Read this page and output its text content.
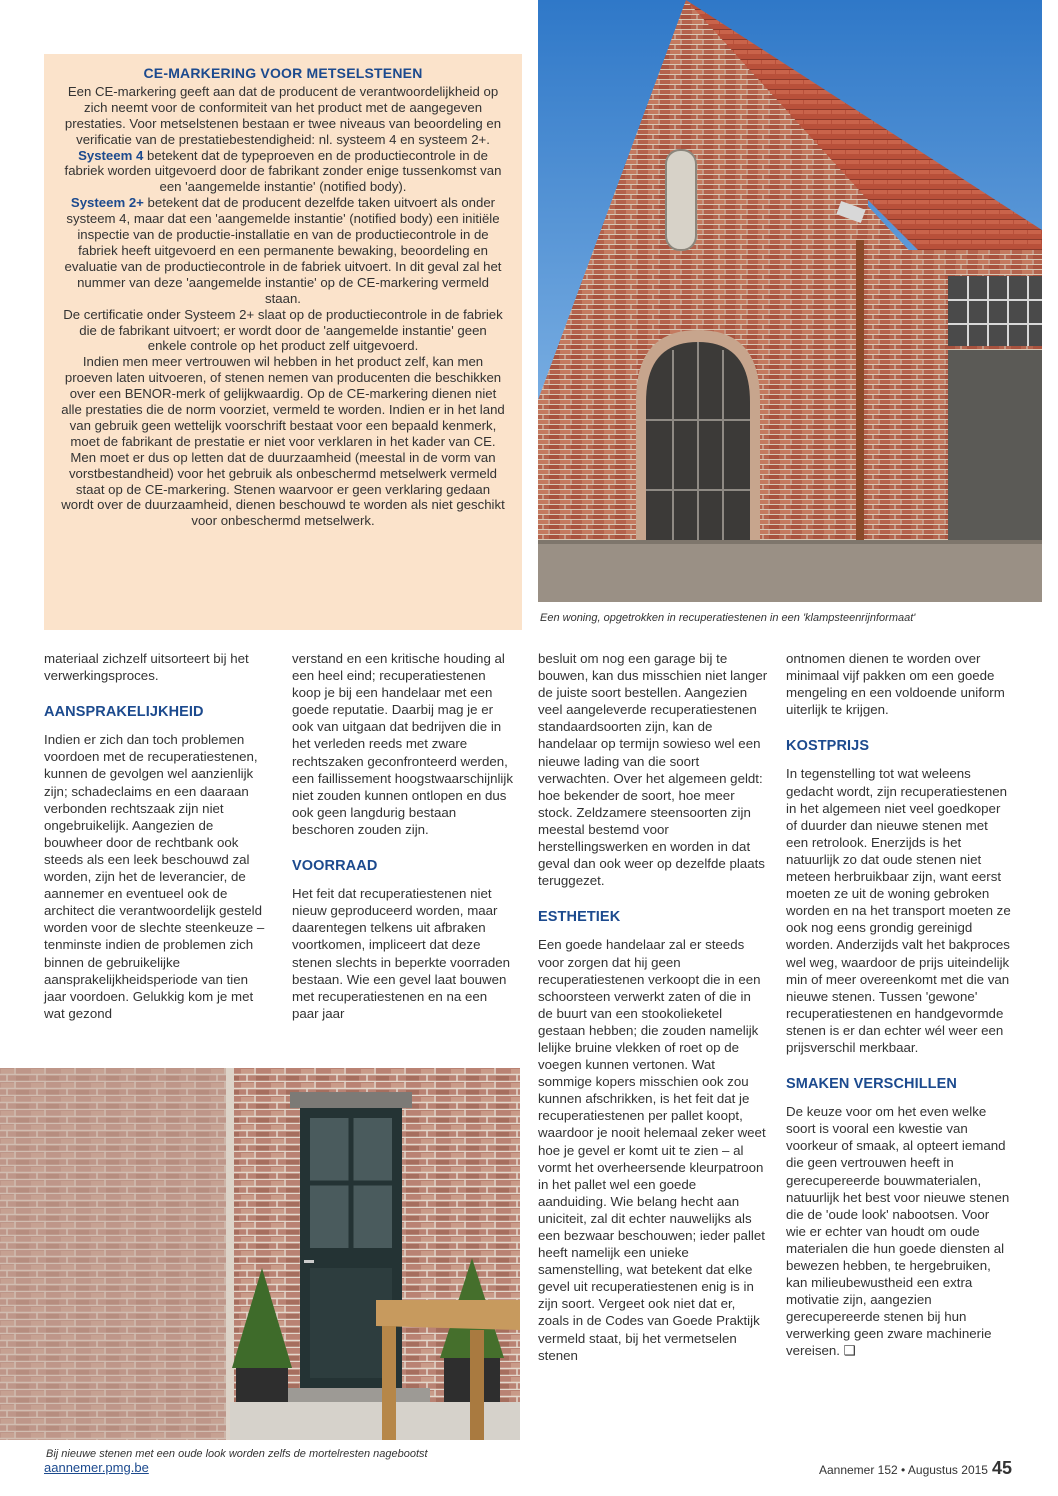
CE-MARKERING VOOR METSELSTENEN

Een CE-markering geeft aan dat de producent de verantwoordelijkheid op zich neemt voor de conformiteit van het product met de aangegeven prestaties. Voor metselstenen bestaan er twee niveaus van beoordeling en verificatie van de prestatiebestendigheid: nl. systeem 4 en systeem 2+.

Systeem 4 betekent dat de typeproeven en de productiecontrole in de fabriek worden uitgevoerd door de fabrikant zonder enige tussenkomst van een 'aangemelde instantie' (notified body).

Systeem 2+ betekent dat de producent dezelfde taken uitvoert als onder systeem 4, maar dat een 'aangemelde instantie' (notified body) een initiële inspectie van de productie-installatie en van de productiecontrole in de fabriek heeft uitgevoerd en een permanente bewaking, beoordeling en evaluatie van de productiecontrole in de fabriek uitvoert. In dit geval zal het nummer van deze 'aangemelde instantie' op de CE-markering vermeld staan.

De certificatie onder Systeem 2+ slaat op de productiecontrole in de fabriek die de fabrikant uitvoert; er wordt door de 'aangemelde instantie' geen enkele controle op het product zelf uitgevoerd.

Indien men meer vertrouwen wil hebben in het product zelf, kan men proeven laten uitvoeren, of stenen nemen van producenten die beschikken over een BENOR-merk of gelijkwaardig. Op de CE-markering dienen niet alle prestaties die de norm voorziet, vermeld te worden. Indien er in het land van gebruik geen wettelijk voorschrift bestaat voor een bepaald kenmerk, moet de fabrikant de prestatie er niet voor verklaren in het kader van CE. Men moet er dus op letten dat de duurzaamheid (meestal in de vorm van vorstbestandheid) voor het gebruik als onbeschermd metselwerk vermeld staat op de CE-markering. Stenen waarvoor er geen verklaring gedaan wordt over de duurzaamheid, dienen beschouwd te worden als niet geschikt voor onbeschermd metselwerk.

Een woning, opgetrokken in recuperatiestenen in een 'klampsteenrijnformaat'
Bij nieuwe stenen met een oude look worden zelfs de mortelresten nagebootst

materiaal zichzelf uitsorteert bij het verwerkingsproces.

AANSPRAKELIJKHEID

Indien er zich dan toch problemen voordoen met de recuperatiestenen, kunnen de gevolgen wel aanzienlijk zijn; schadeclaims en een daaraan verbonden rechtszaak zijn niet ongebruikelijk. Aangezien de bouwheer door de rechtbank ook steeds als een leek beschouwd zal worden, zijn het de leverancier, de aannemer en eventueel ook de architect die verantwoordelijk gesteld worden voor de slechte steenkeuze – tenminste indien de problemen zich binnen de gebruikelijke aansprakelijkheidsperiode van tien jaar voordoen. Gelukkig kom je met wat gezond

verstand en een kritische houding al een heel eind; recuperatiestenen koop je bij een handelaar met een goede reputatie. Daarbij mag je er ook van uitgaan dat bedrijven die in het verleden reeds met zware rechtszaken geconfronteerd werden, een faillissement hoogstwaarschijnlijk niet zouden kunnen ontlopen en dus ook geen langdurig bestaan beschoren zouden zijn.

VOORRAAD

Het feit dat recuperatiestenen niet nieuw geproduceerd worden, maar daarentegen telkens uit afbraken voortkomen, impliceert dat deze stenen slechts in beperkte voorraden bestaan. Wie een gevel laat bouwen met recuperatiestenen en na een paar jaar

besluit om nog een garage bij te bouwen, kan dus misschien niet langer de juiste soort bestellen. Aangezien veel aangeleverde recuperatiestenen standaardsoorten zijn, kan de handelaar op termijn sowieso wel een nieuwe lading van die soort verwachten. Over het algemeen geldt: hoe bekender de soort, hoe meer stock. Zeldzamere steensoorten zijn meestal bestemd voor herstellingswerken en worden in dat geval dan ook weer op dezelfde plaats teruggezet.

ESTHETIEK

Een goede handelaar zal er steeds voor zorgen dat hij geen recuperatiestenen verkoopt die in een schoorsteen verwerkt zaten of die in de buurt van een stookolieketel gestaan hebben; die zouden namelijk lelijke bruine vlekken of roet op de voegen kunnen vertonen. Wat sommige kopers misschien ook zou kunnen afschrikken, is het feit dat je recuperatiestenen per pallet koopt, waardoor je nooit helemaal zeker weet hoe je gevel er komt uit te zien – al vormt het overheersende kleurpatroon in het pallet wel een goede aanduiding. Wie belang hecht aan uniciteit, zal dit echter nauwelijks als een bezwaar beschouwen; ieder pallet heeft namelijk een unieke samenstelling, wat betekent dat elke gevel uit recuperatiestenen enig is in zijn soort. Vergeet ook niet dat er, zoals in de Codes van Goede Praktijk vermeld staat, bij het vermetselen stenen

ontnomen dienen te worden over minimaal vijf pakken om een goede mengeling en een voldoende uniform uiterlijk te krijgen.

KOSTPRIJS

In tegenstelling tot wat weleens gedacht wordt, zijn recuperatiestenen in het algemeen niet veel goedkoper of duurder dan nieuwe stenen met een retrolook. Enerzijds is het natuurlijk zo dat oude stenen niet meteen herbruikbaar zijn, want eerst moeten ze uit de woning gebroken worden en na het transport moeten ze ook nog eens grondig gereinigd worden. Anderzijds valt het bakproces wel weg, waardoor de prijs uiteindelijk min of meer overeenkomt met die van nieuwe stenen. Tussen 'gewone' recuperatiestenen en handgevormde stenen is er dan echter wél weer een prijsverschil merkbaar.

SMAKEN VERSCHILLEN

De keuze voor om het even welke soort is vooral een kwestie van voorkeur of smaak, al opteert iemand die geen vertrouwen heeft in gerecupereerde bouwmaterialen, natuurlijk het best voor nieuwe stenen die de 'oude look' nabootsen. Voor wie er echter van houdt om oude materialen die hun goede diensten al bewezen hebben, te hergebruiken, kan milieubewustheid een extra motivatie zijn, aangezien gerecupereerde stenen bij hun verwerking geen zware machinerie vereisen. ❑

aannemer.pmg.be	Aannemer 152 • Augustus 2015 45
